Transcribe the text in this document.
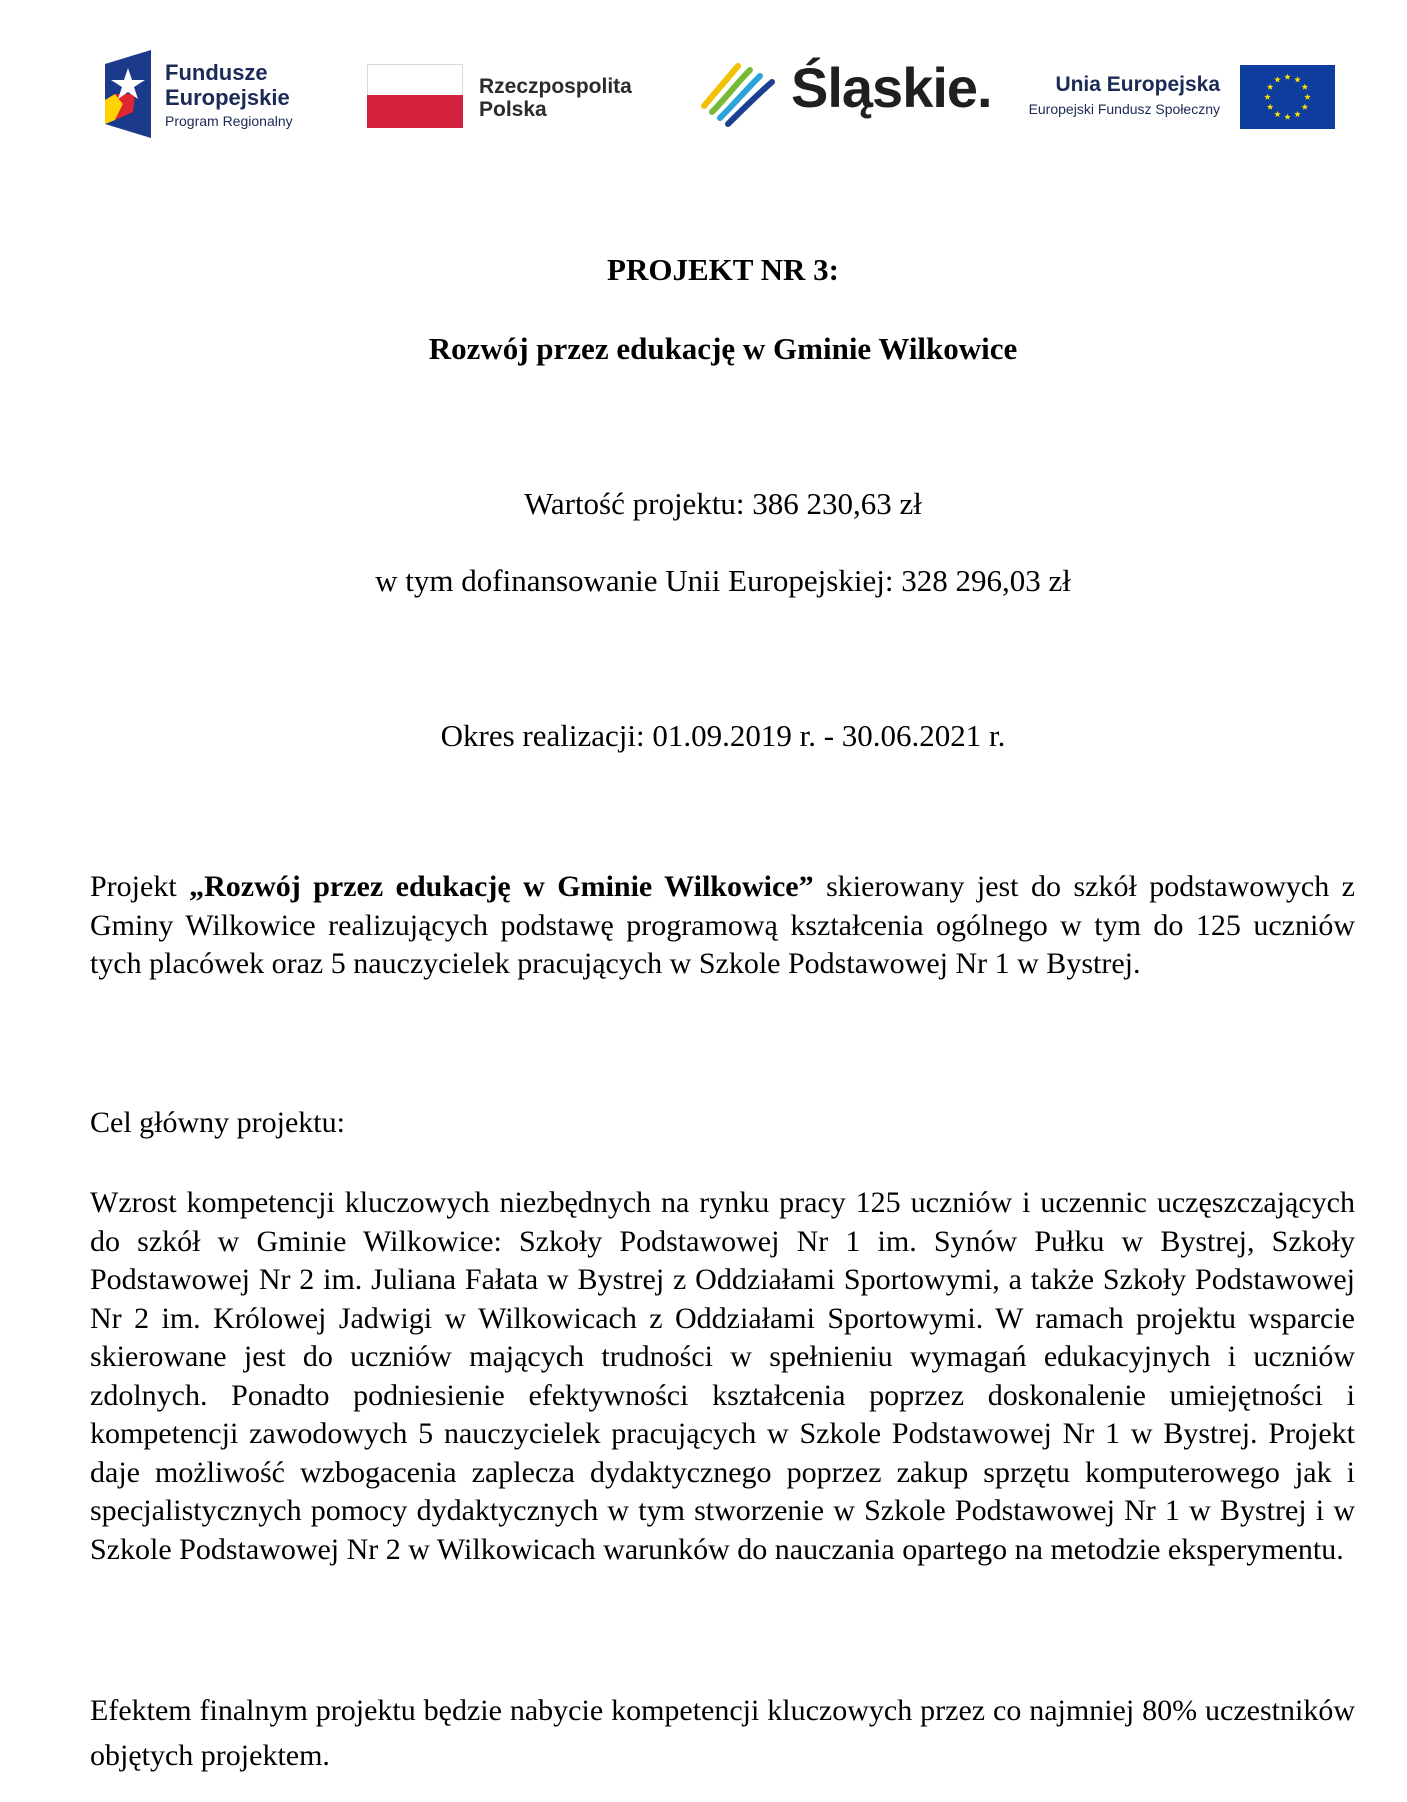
Fundusze
Europejskie
Program Regionalny
Rzeczpospolita
Polska	Śląskie.	Unia Europejska
Europejski Fundusz Społeczny
PROJEKT NR 3:
Rozwój przez edukację w Gminie Wilkowice
Wartość projektu: 386 230,63 zł
w tym dofinansowanie Unii Europejskiej: 328 296,03 zł
Okres realizacji: 01.09.2019 r. - 30.06.2021 r.

Projekt „Rozwój przez edukację w Gminie Wilkowice” skierowany jest do szkół podstawowych z Gminy Wilkowice realizujących podstawę programową kształcenia ogólnego w tym do 125 uczniów tych placówek oraz 5 nauczycielek pracujących w Szkole Podstawowej Nr 1 w Bystrej.

Cel główny projektu:

Wzrost kompetencji kluczowych niezbędnych na rynku pracy 125 uczniów i uczennic uczęszczających do szkół w Gminie Wilkowice: Szkoły Podstawowej Nr 1 im. Synów Pułku w Bystrej, Szkoły Podstawowej Nr 2 im. Juliana Fałata w Bystrej z Oddziałami Sportowymi, a także Szkoły Podstawowej Nr 2 im. Królowej Jadwigi w Wilkowicach z Oddziałami Sportowymi. W ramach projektu wsparcie skierowane jest do uczniów mających trudności w spełnieniu wymagań edukacyjnych i uczniów zdolnych. Ponadto podniesienie efektywności kształcenia poprzez doskonalenie umiejętności i kompetencji zawodowych 5 nauczycielek pracujących w Szkole Podstawowej Nr 1 w Bystrej. Projekt daje możliwość wzbogacenia zaplecza dydaktycznego poprzez zakup sprzętu komputerowego jak i specjalistycznych pomocy dydaktycznych w tym stworzenie w Szkole Podstawowej Nr 1 w Bystrej i w Szkole Podstawowej Nr 2 w Wilkowicach warunków do nauczania opartego na metodzie eksperymentu.

Efektem finalnym projektu będzie nabycie kompetencji kluczowych przez co najmniej 80% uczestników objętych projektem.
